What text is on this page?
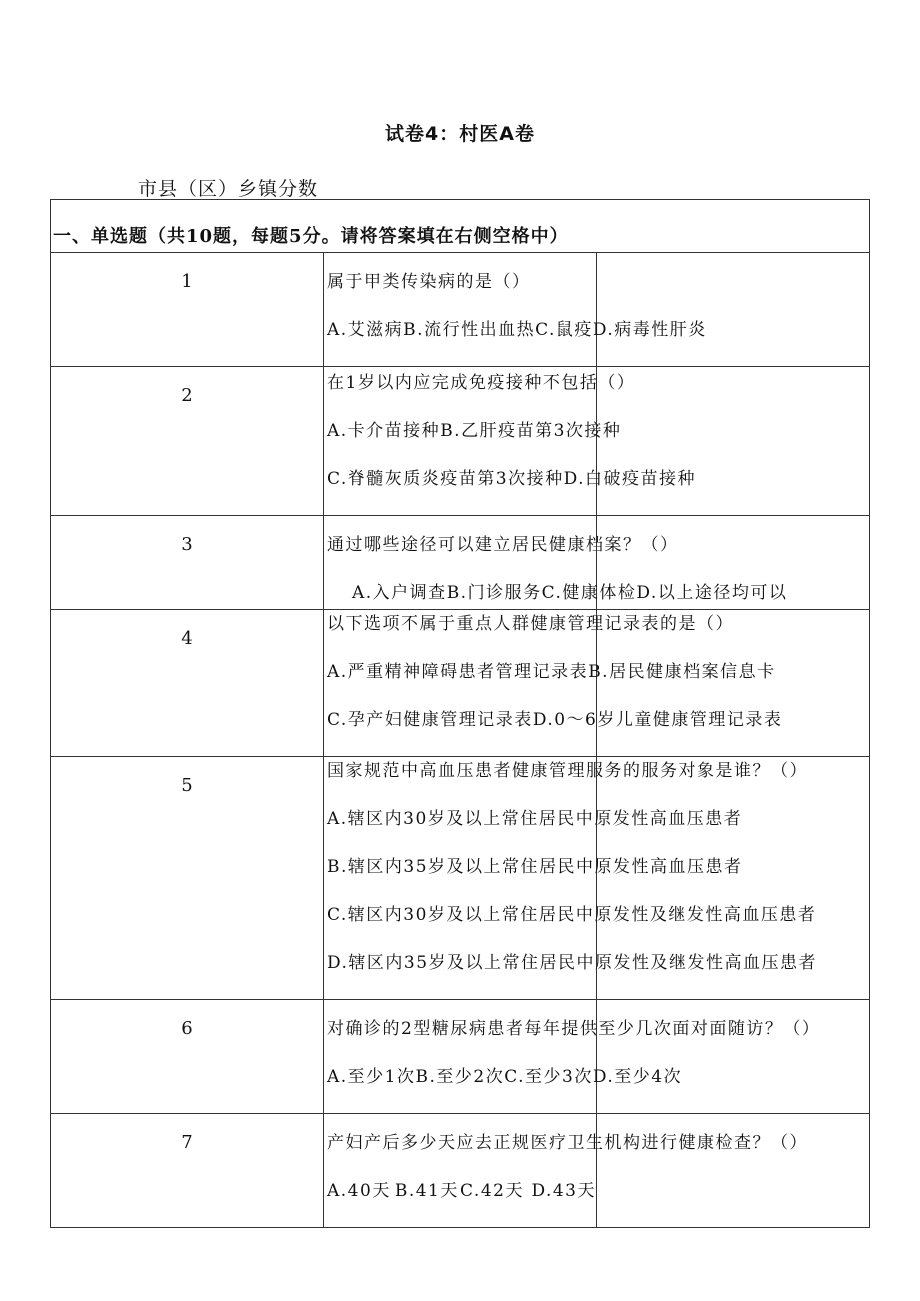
试卷4：村医A卷
市县（区）乡镇分数
一、单选题（共10题，每题5分。请将答案填在右侧空格中）		

1	属于甲类传染病的是（）
A.艾滋病B.流行性出血热C.鼠疫D.病毒性肝炎	

2	在1岁以内应完成免疫接种不包括（）
A.卡介苗接种 B.乙肝疫苗第3次接种
C.脊髓灰质炎疫苗第3次接种 D.白破疫苗接种	

3	通过哪些途径可以建立居民健康档案？（）
A.入户调查 B.门诊服务 C.健康体检 D.以上途径均可以	

4	以下选项不属于重点人群健康管理记录表的是（）
A.严重精神障碍患者管理记录表 B.居民健康档案信息卡
C.孕产妇健康管理记录表 D.0～6岁儿童健康管理记录表	

5	国家规范中高血压患者健康管理服务的服务对象是谁？（）
A.辖区内30岁及以上常住居民中原发性高血压患者
B.辖区内35岁及以上常住居民中原发性高血压患者
C.辖区内30岁及以上常住居民中原发性及继发性高血压患者
D.辖区内35岁及以上常住居民中原发性及继发性高血压患者	

6	对确诊的2型糖尿病患者每年提供至少几次面对面随访？（）
A.至少1次B.至少2次C.至少3次D.至少4次	

7	产妇产后多少天应去正规医疗卫生机构进行健康检查？（）
A.40天 B.41天 C.42天 D.43天	
